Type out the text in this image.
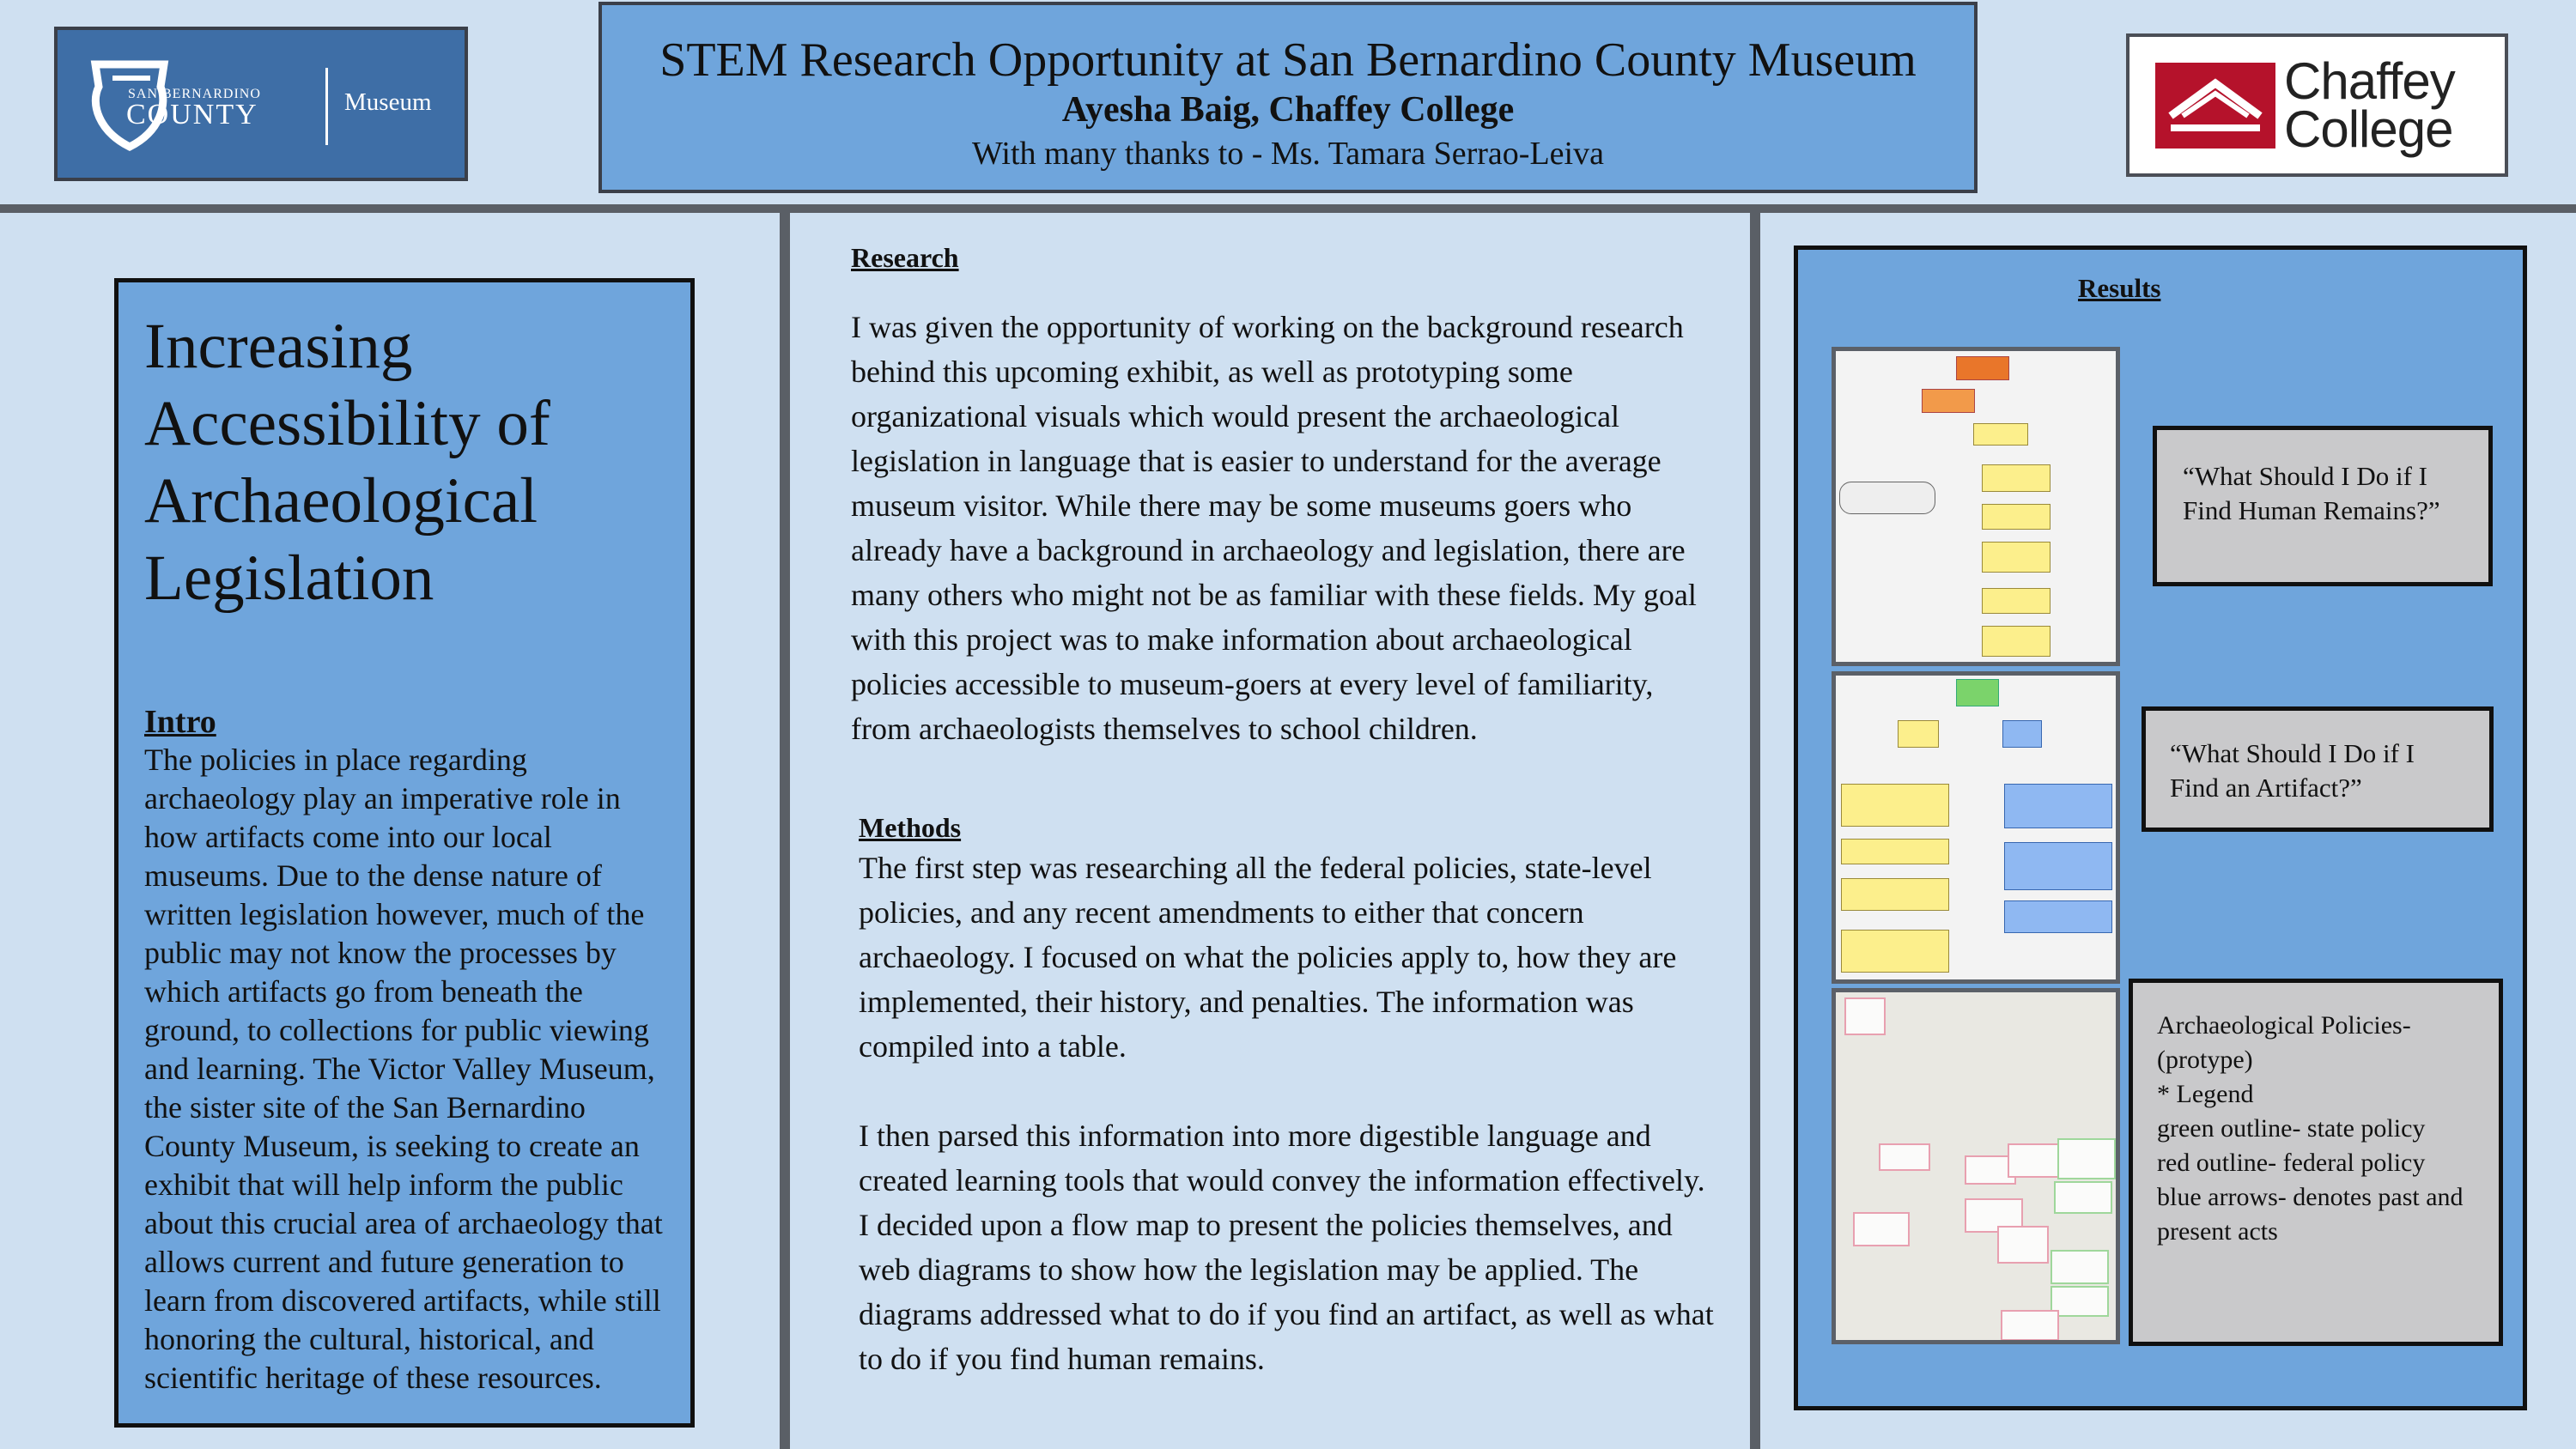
SAN BERNARDINO
COUNTY	Museum
STEM Research Opportunity at San Bernardino County Museum
Ayesha Baig, Chaffey College
With many thanks to - Ms. Tamara Serrao-Leiva
Chaffey
College
Increasing Accessibility of Archaeological Legislation
Intro

The policies in place regarding archaeology play an imperative role in how artifacts come into our local museums. Due to the dense nature of written legislation however, much of the public may not know the processes by which artifacts go from beneath the ground, to collections for public viewing and learning. The Victor Valley Museum, the sister site of the San Bernardino County Museum, is seeking to create an exhibit that will help inform the public about this crucial area of archaeology that allows current and future generation to learn from discovered artifacts, while still honoring the cultural, historical, and scientific heritage of these resources.

Research

I was given the opportunity of working on the background research behind this upcoming exhibit, as well as prototyping some organizational visuals which would present the archaeological legislation in language that is easier to understand for the average museum visitor. While there may be some museums goers who already have a background in archaeology and legislation, there are many others who might not be as familiar with these fields. My goal with this project was to make information about archaeological policies accessible to museum-goers at every level of familiarity, from archaeologists themselves to school children.

Methods

The first step was researching all the federal policies, state-level policies, and any recent amendments to either that concern archaeology. I focused on what the policies apply to, how they are implemented, their history, and penalties. The information was compiled into a table.

I then parsed this information into more digestible language and created learning tools that would convey the information effectively. I decided upon a flow map to present the policies themselves, and web diagrams to show how the legislation may be applied. The diagrams addressed what to do if you find an artifact, as well as what to do if you find human remains.

Results
“What Should I Do if I Find Human Remains?”
“What Should I Do if I Find an Artifact?”
Archaeological Policies- (protype)
* Legend
green outline- state policy
red outline- federal policy
blue arrows- denotes past and present acts
